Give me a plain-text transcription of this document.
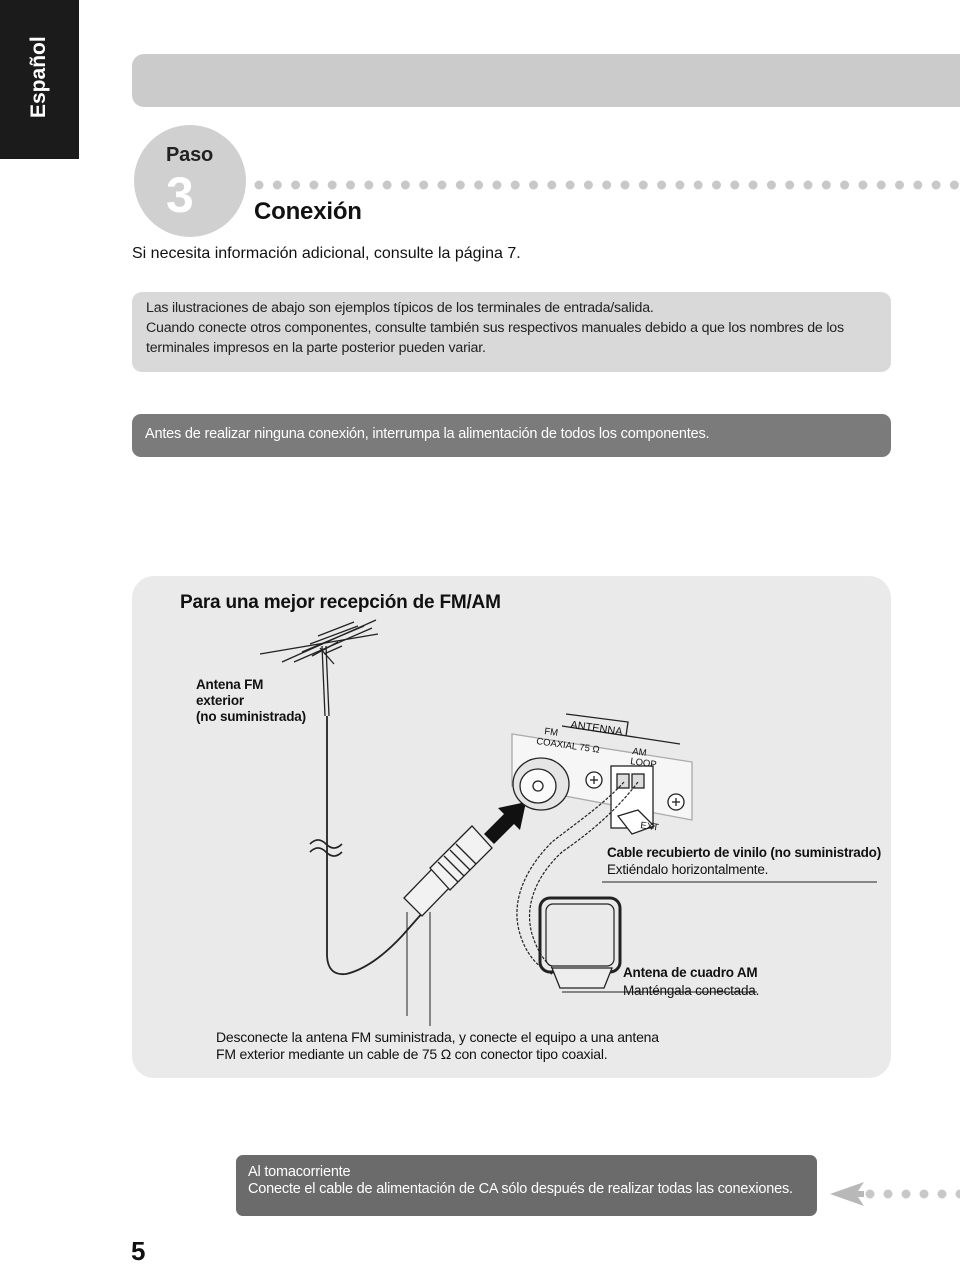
Español
Paso
3	Conexión
Si necesita información adicional, consulte la página 7.
Las ilustraciones de abajo son ejemplos típicos de los terminales de entrada/salida.
Cuando conecte otros componentes, consulte también sus respectivos manuales debido a que los nombres de los
terminales impresos en la parte posterior pueden variar.
Antes de realizar ninguna conexión, interrumpa la alimentación de todos los componentes.
ANTENNA
FM
COAXIAL 75 Ω	AM
LOOP
EXT
Para una mejor recepción de FM/AM
Antena FM
exterior
(no suministrada)
Cable recubierto de vinilo (no suministrado)
Extiéndalo horizontalmente.
Antena de cuadro AM
Manténgala conectada.
Desconecte la antena FM suministrada, y conecte el equipo a una antena
FM exterior mediante un cable de 75 Ω con conector tipo coaxial.
Al tomacorriente
Conecte el cable de alimentación de CA sólo después de realizar todas las conexiones.
5
